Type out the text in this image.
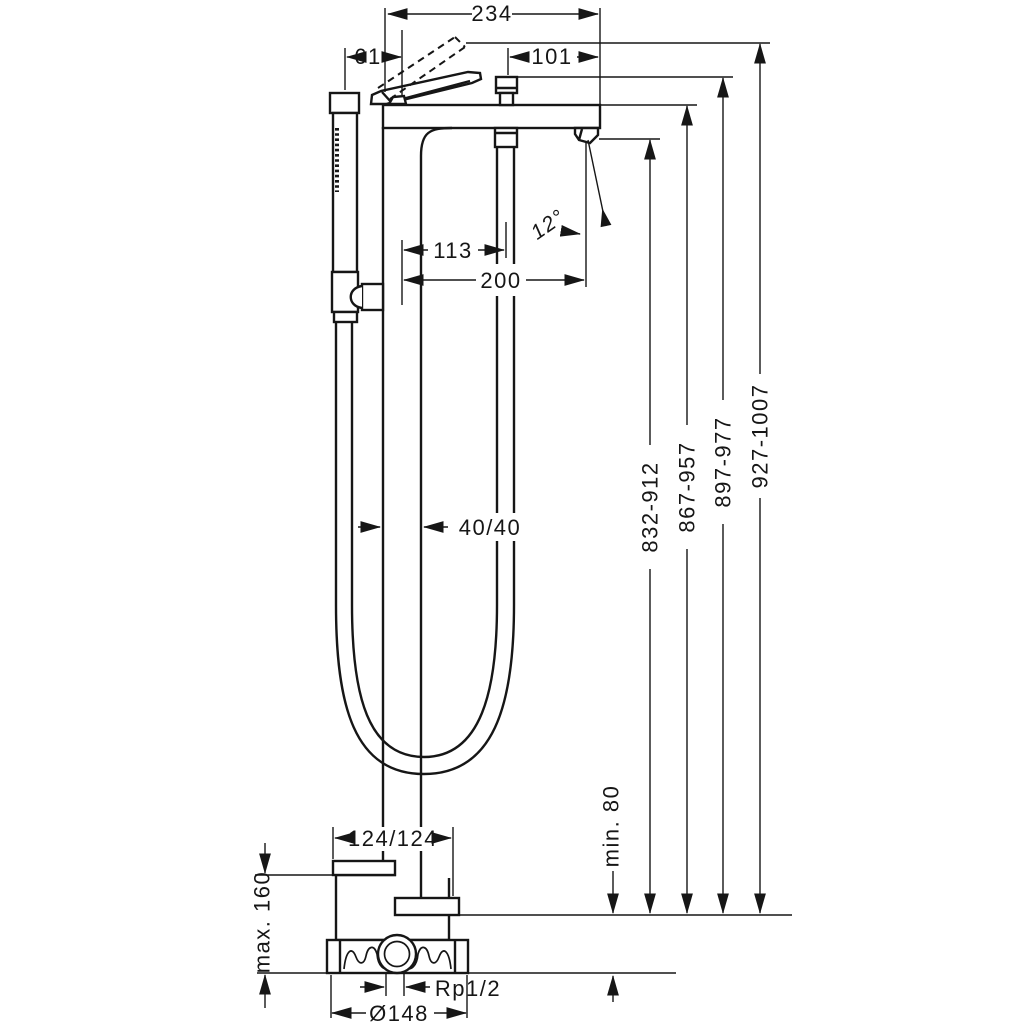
234
61	101
113
200
12°
40/40	832-912 867-957 897-977 927-1007
min. 80
max. 160
124/124
Rp1/2
Ø148
